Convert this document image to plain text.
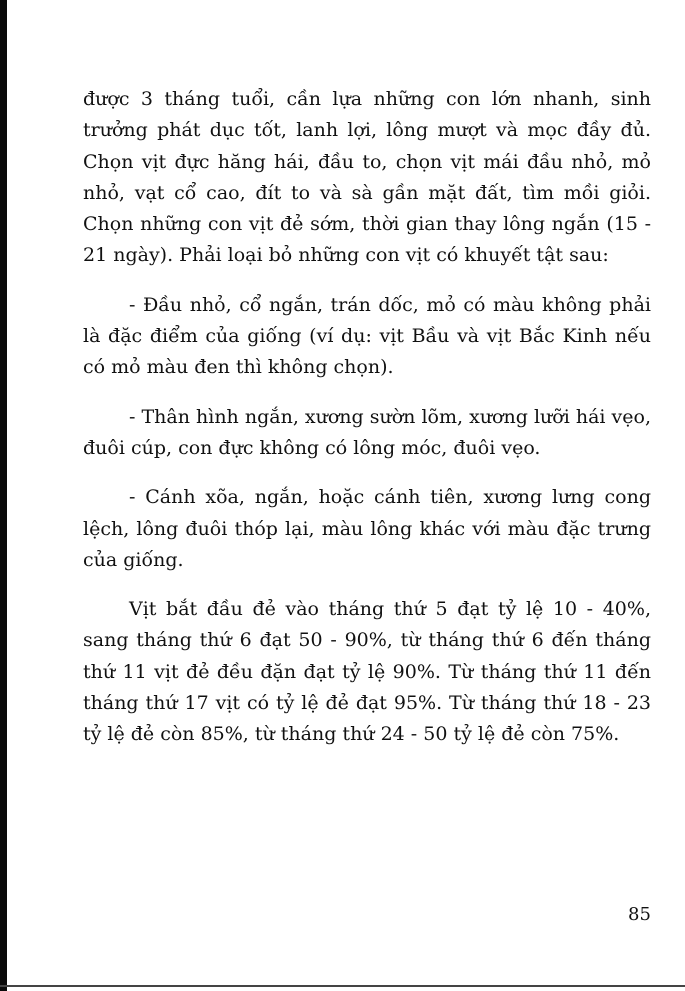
được 3 tháng tuổi, cần lựa những con lớn nhanh, sinh trưởng phát dục tốt, lanh lợi, lông mượt và mọc đầy đủ. Chọn vịt đực hăng hái, đầu to, chọn vịt mái đầu nhỏ, mỏ nhỏ, vạt cổ cao, đít to và sà gần mặt đất, tìm mồi giỏi. Chọn những con vịt đẻ sớm, thời gian thay lông ngắn (15 - 21 ngày). Phải loại bỏ những con vịt có khuyết tật sau:

- Đầu nhỏ, cổ ngắn, trán dốc, mỏ có màu không phải là đặc điểm của giống (ví dụ: vịt Bầu và vịt Bắc Kinh nếu có mỏ màu đen thì không chọn).

- Thân hình ngắn, xương sườn lõm, xương lưỡi hái vẹo, đuôi cúp, con đực không có lông móc, đuôi vẹo.

- Cánh xõa, ngắn, hoặc cánh tiên, xương lưng cong lệch, lông đuôi thóp lại, màu lông khác với màu đặc trưng của giống.

Vịt bắt đầu đẻ vào tháng thứ 5 đạt tỷ lệ 10 - 40%, sang tháng thứ 6 đạt 50 - 90%, từ tháng thứ 6 đến tháng thứ 11 vịt đẻ đều đặn đạt tỷ lệ 90%. Từ tháng thứ 11 đến tháng thứ 17 vịt có tỷ lệ đẻ đạt 95%. Từ tháng thứ 18 - 23 tỷ lệ đẻ còn 85%, từ tháng thứ 24 - 50 tỷ lệ đẻ còn 75%.

85
